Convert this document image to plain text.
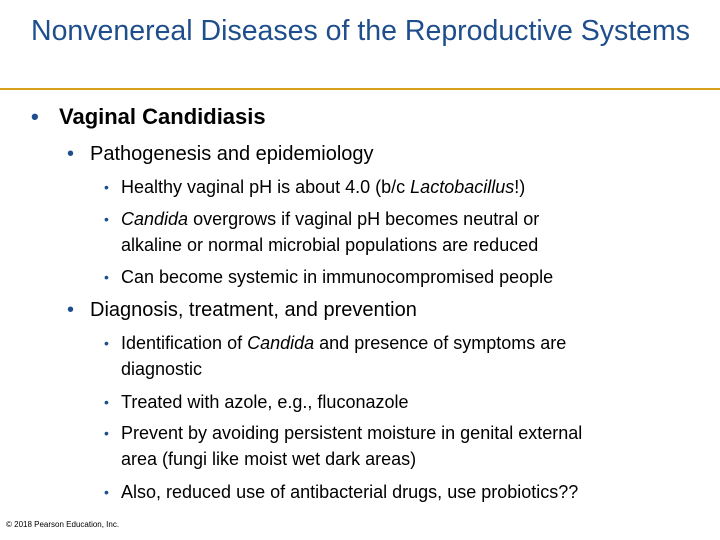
Nonvenereal Diseases of the Reproductive Systems
• Vaginal Candidiasis
• Pathogenesis and epidemiology
• Healthy vaginal pH is about 4.0 (b/c Lactobacillus!)
• Candida overgrows if vaginal pH becomes neutral or
alkaline or normal microbial populations are reduced
• Can become systemic in immunocompromised people
• Diagnosis, treatment, and prevention
• Identification of Candida and presence of symptoms are
diagnostic
• Treated with azole, e.g., fluconazole
• Prevent by avoiding persistent moisture in genital external
area (fungi like moist wet dark areas)
• Also, reduced use of antibacterial drugs, use probiotics??
© 2018 Pearson Education, Inc.
